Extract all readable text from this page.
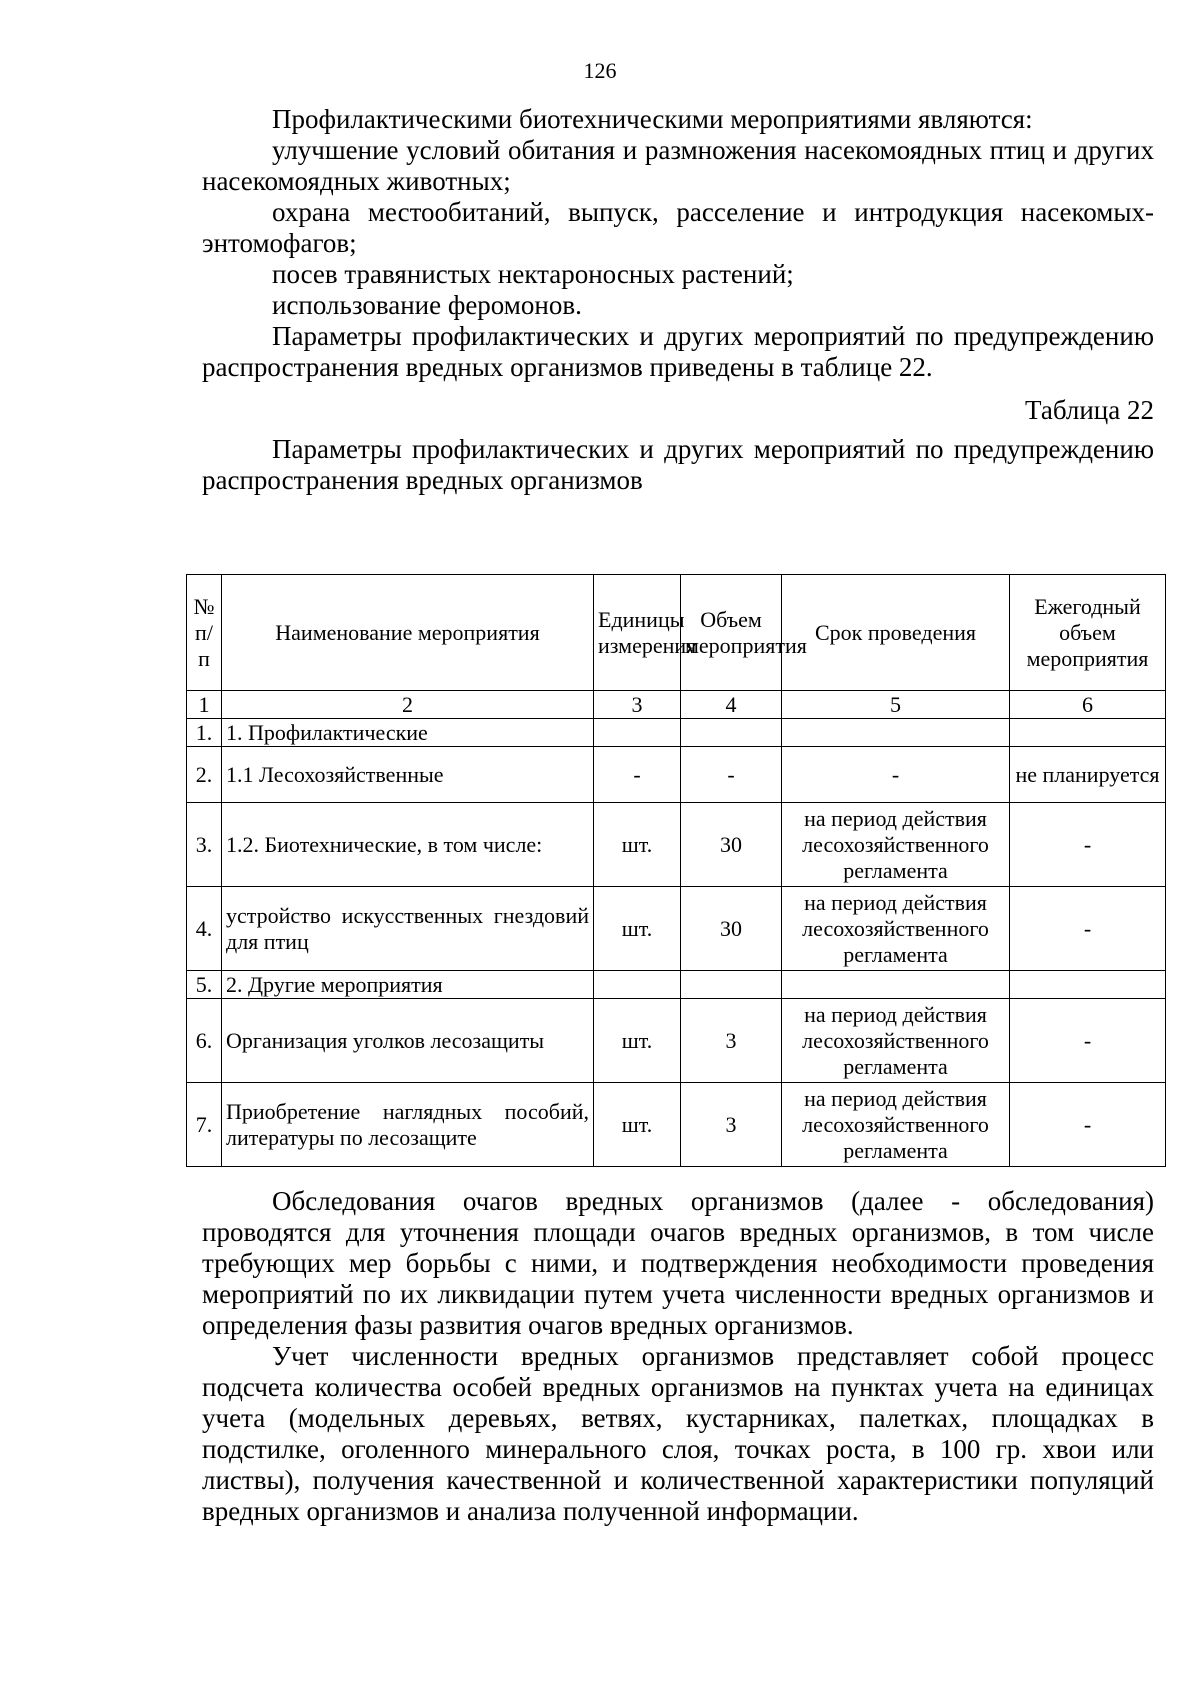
126

Профилактическими биотехническими мероприятиями являются:

улучшение условий обитания и размножения насекомоядных птиц и других насекомоядных животных;

охрана местообитаний, выпуск, расселение и интродукция насекомых-энтомофагов;

посев травянистых нектароносных растений;

использование феромонов.

Параметры профилактических и других мероприятий по предупреждению распространения вредных организмов приведены в таблице 22.

Таблица 22

Параметры профилактических и других мероприятий по предупреждению распространения вредных организмов

№ п/п	Наименование мероприятия	Единицы измерения	Объем мероприятия	Срок проведения	Ежегодный объем мероприятия
1	2	3	4	5	6
1.	1. Профилактические				
2.	1.1 Лесохозяйственные	-	-	-	не планируется
3.	1.2. Биотехнические, в том числе:	шт.	30	на период действия лесохозяйственного регламента	-
4.	устройство искусственных гнездовий для птиц	шт.	30	на период действия лесохозяйственного регламента	-
5.	2. Другие мероприятия				
6.	Организация уголков лесозащиты	шт.	3	на период действия лесохозяйственного регламента	-
7.	Приобретение наглядных пособий, литературы по лесозащите	шт.	3	на период действия лесохозяйственного регламента	-

Обследования очагов вредных организмов (далее - обследования) проводятся для уточнения площади очагов вредных организмов, в том числе требующих мер борьбы с ними, и подтверждения необходимости проведения мероприятий по их ликвидации путем учета численности вредных организмов и определения фазы развития очагов вредных организмов.

Учет численности вредных организмов представляет собой процесс подсчета количества особей вредных организмов на пунктах учета на единицах учета (модельных деревьях, ветвях, кустарниках, палетках, площадках в подстилке, оголенного минерального слоя, точках роста, в 100 гр. хвои или листвы), получения качественной и количественной характеристики популяций вредных организмов и анализа полученной информации.
